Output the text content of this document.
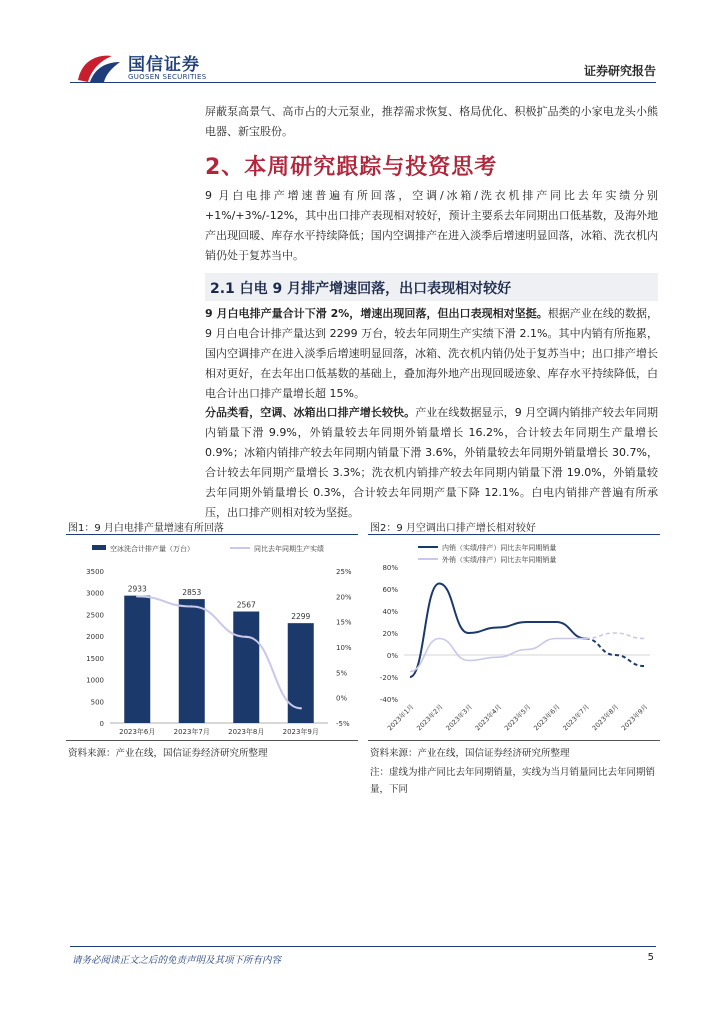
国信证券
GUOSEN SECURITIES	证券研究报告
屏蔽泵高景气、高市占的大元泵业，推荐需求恢复、格局优化、积极扩品类的小家电龙头小熊电器、新宝股份。
2、本周研究跟踪与投资思考
9 月白电排产增速普遍有所回落，空调/冰箱/洗衣机排产同比去年实绩分别+1%/+3%/-12%，其中出口排产表现相对较好，预计主要系去年同期出口低基数，及海外地产出现回暖、库存水平持续降低；国内空调排产在进入淡季后增速明显回落，冰箱、洗衣机内销仍处于复苏当中。
2.1 白电 9 月排产增速回落，出口表现相对较好
9 月白电排产量合计下滑 2%，增速出现回落，但出口表现相对坚挺。根据产业在线的数据，9 月白电合计排产量达到 2299 万台，较去年同期生产实绩下滑 2.1%。其中内销有所拖累，国内空调排产在进入淡季后增速明显回落，冰箱、洗衣机内销仍处于复苏当中；出口排产增长相对更好，在去年出口低基数的基础上，叠加海外地产出现回暖迹象、库存水平持续降低，白电合计出口排产量增长超 15%。
分品类看，空调、冰箱出口排产增长较快。产业在线数据显示，9 月空调内销排产较去年同期内销量下滑 9.9%，外销量较去年同期外销量增长 16.2%，合计较去年同期生产量增长 0.9%；冰箱内销排产较去年同期内销量下滑 3.6%，外销量较去年同期外销量增长 30.7%，合计较去年同期产量增长 3.3%；洗衣机内销排产较去年同期内销量下滑 19.0%，外销量较去年同期外销量增长 0.3%，合计较去年同期产量下降 12.1%。白电内销排产普遍有所承压，出口排产则相对较为坚挺。
图1：9 月白电排产量增速有所回落
空冰洗合计排产量（万台）	同比去年同期生产实绩
0
500
1000
1500
2000
2500
3000
3500
-5%
0%
5%
10%
15%
20%
25%
2933
2023年6月
2853
2023年7月
2567
2023年8月
2299
2023年9月
资料来源：产业在线，国信证券经济研究所整理
图2：9 月空调出口排产增长相对较好
内销（实绩/排产）同比去年同期销量
外销（实绩/排产）同比去年同期销量
-40%
-20%
0%
20%
40%
60%
80%
2023年1月 2023年2月 2023年3月 2023年4月 2023年5月 2023年6月 2023年7月 2023年8月 2023年9月
资料来源：产业在线，国信证券经济研究所整理
注：虚线为排产同比去年同期销量，实线为当月销量同比去年同期销量，下同
请务必阅读正文之后的免责声明及其项下所有内容	5
